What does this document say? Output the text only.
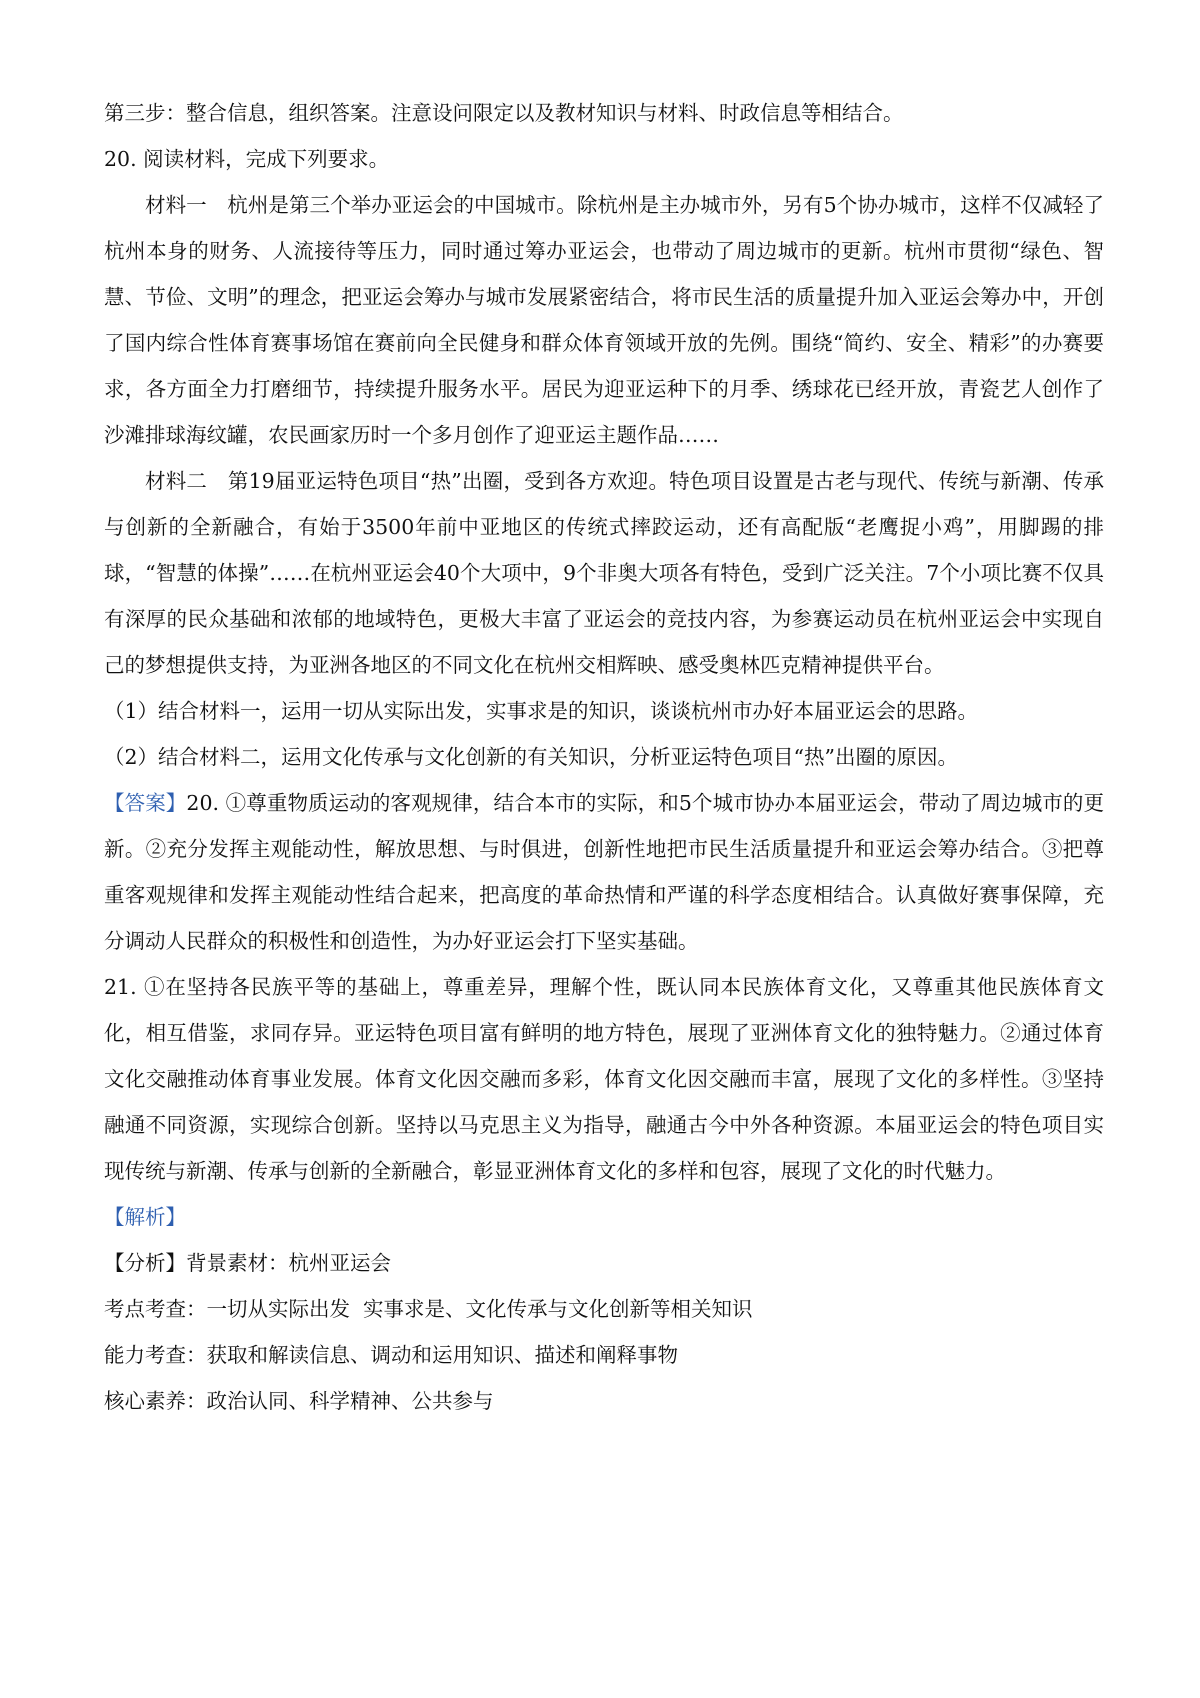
第三步：整合信息，组织答案。注意设问限定以及教材知识与材料、时政信息等相结合。
20. 阅读材料，完成下列要求。

材料一　杭州是第三个举办亚运会的中国城市。除杭州是主办城市外，另有5个协办城市，这样不仅减轻了杭州本身的财务、人流接待等压力，同时通过筹办亚运会，也带动了周边城市的更新。杭州市贯彻“绿色、智慧、节俭、文明”的理念，把亚运会筹办与城市发展紧密结合，将市民生活的质量提升加入亚运会筹办中，开创了国内综合性体育赛事场馆在赛前向全民健身和群众体育领域开放的先例。围绕“简约、安全、精彩”的办赛要求，各方面全力打磨细节，持续提升服务水平。居民为迎亚运种下的月季、绣球花已经开放，青瓷艺人创作了沙滩排球海纹罐，农民画家历时一个多月创作了迎亚运主题作品……

材料二　第19届亚运特色项目“热”出圈，受到各方欢迎。特色项目设置是古老与现代、传统与新潮、传承与创新的全新融合，有始于3500年前中亚地区的传统式摔跤运动，还有高配版“老鹰捉小鸡”，用脚踢的排球，“智慧的体操”……在杭州亚运会40个大项中，9个非奥大项各有特色，受到广泛关注。7个小项比赛不仅具有深厚的民众基础和浓郁的地域特色，更极大丰富了亚运会的竞技内容，为参赛运动员在杭州亚运会中实现自己的梦想提供支持，为亚洲各地区的不同文化在杭州交相辉映、感受奥林匹克精神提供平台。

（1）结合材料一，运用一切从实际出发，实事求是的知识，谈谈杭州市办好本届亚运会的思路。
（2）结合材料二，运用文化传承与文化创新的有关知识，分析亚运特色项目“热”出圈的原因。

【答案】20. ①尊重物质运动的客观规律，结合本市的实际，和5个城市协办本届亚运会，带动了周边城市的更新。②充分发挥主观能动性，解放思想、与时俱进，创新性地把市民生活质量提升和亚运会筹办结合。③把尊重客观规律和发挥主观能动性结合起来，把高度的革命热情和严谨的科学态度相结合。认真做好赛事保障，充分调动人民群众的积极性和创造性，为办好亚运会打下坚实基础。

21. ①在坚持各民族平等的基础上，尊重差异，理解个性，既认同本民族体育文化，又尊重其他民族体育文化，相互借鉴，求同存异。亚运特色项目富有鲜明的地方特色，展现了亚洲体育文化的独特魅力。②通过体育文化交融推动体育事业发展。体育文化因交融而多彩，体育文化因交融而丰富，展现了文化的多样性。③坚持融通不同资源，实现综合创新。坚持以马克思主义为指导，融通古今中外各种资源。本届亚运会的特色项目实现传统与新潮、传承与创新的全新融合，彰显亚洲体育文化的多样和包容，展现了文化的时代魅力。

【解析】
【分析】背景素材：杭州亚运会
考点考查：一切从实际出发  实事求是、文化传承与文化创新等相关知识
能力考查：获取和解读信息、调动和运用知识、描述和阐释事物
核心素养：政治认同、科学精神、公共参与
